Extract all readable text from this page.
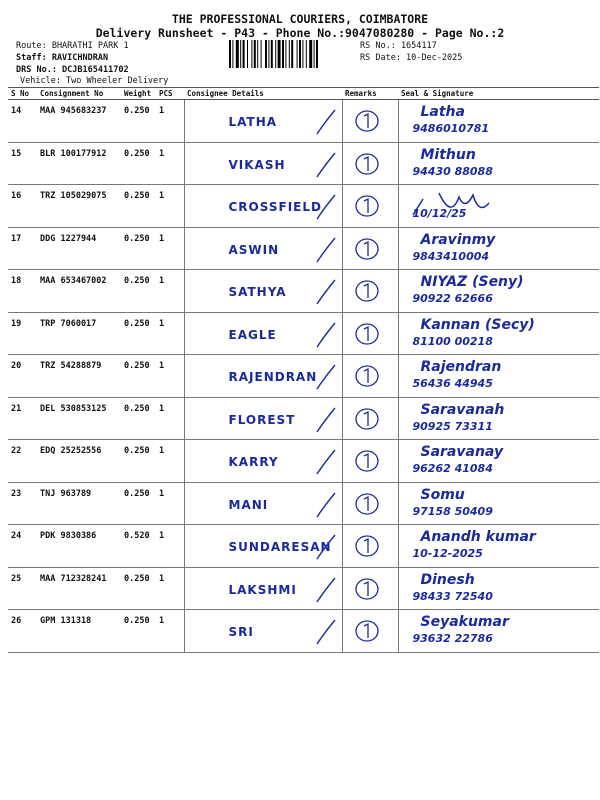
THE PROFESSIONAL COURIERS, COIMBATORE
Delivery Runsheet - P43 - Phone No.:9047080280 - Page No.:2
Route: BHARATHI PARK 1
Staff: RAVICHNDRAN
DRS No.: DCJB165411702
Vehicle: Two Wheeler Delivery
RS No.: 1654117
RS Date: 10-Dec-2025
S No	Consignment No	Weight	PCS	Consignee Details	Remarks	Seal & Signature
14	MAA 945683237	0.250	1	LATHA		Latha
9486010781

15	BLR 100177912	0.250	1	VIKASH		Mithun
94430 88088

16	TRZ 105029075	0.250	1	CROSSFIELD		10/12/25

17	DDG 1227944	0.250	1	ASWIN		Aravinmy
9843410004

18	MAA 653467002	0.250	1	SATHYA		NIYAZ (Seny)
90922 62666

19	TRP 7060017	0.250	1	EAGLE		Kannan (Secy)
81100 00218

20	TRZ 54288879	0.250	1	RAJENDRAN		Rajendran
56436 44945

21	DEL 530853125	0.250	1	FLOREST		Saravanah
90925 73311

22	EDQ 25252556	0.250	1	KARRY		Saravanay
96262 41084

23	TNJ 963789	0.250	1	MANI		Somu
97158 50409

24	PDK 9830386	0.520	1	SUNDARESAN		Anandh kumar
10-12-2025

25	MAA 712328241	0.250	1	LAKSHMI		Dinesh
98433 72540

26	GPM 131318	0.250	1	SRI		Seyakumar
93632 22786
